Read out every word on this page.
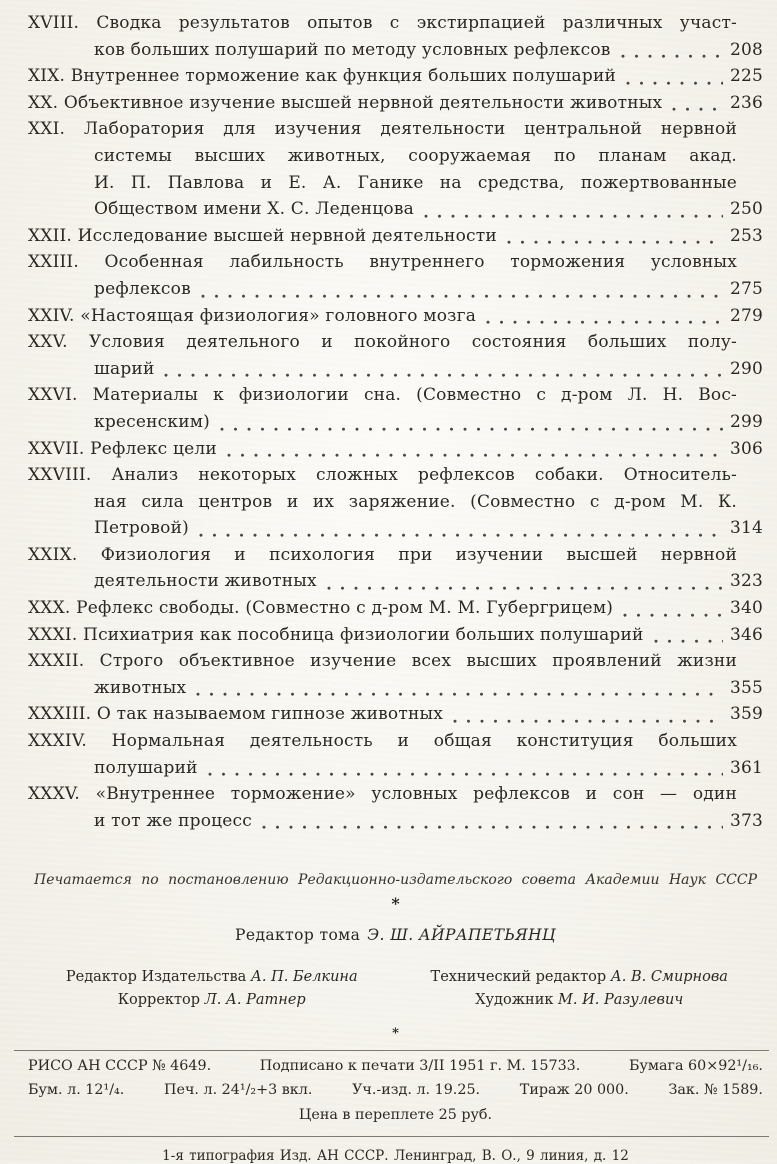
XVIII. Сводка результатов опытов с экстирпацией различных участ-
ков больших полушарий по методу условных рефлексов	208
XIX. Внутреннее торможение как функция больших полушарий	225
XX. Объективное изучение высшей нервной деятельности животных	236
XXI. Лаборатория для изучения деятельности центральной нервной
системы высших животных, сооружаемая по планам акад.
И. П. Павлова и Е. А. Ганике на средства, пожертвованные
Обществом имени Х. С. Леденцова	250
XXII. Исследование высшей нервной деятельности	253
XXIII. Особенная лабильность внутреннего торможения условных
рефлексов	275
XXIV. «Настоящая физиология» головного мозга	279
XXV. Условия деятельного и покойного состояния больших полу-
шарий	290
XXVI. Материалы к физиологии сна. (Совместно с д-ром Л. Н. Вос-
кресенским)	299
XXVII. Рефлекс цели	306
XXVIII. Анализ некоторых сложных рефлексов собаки. Относитель-
ная сила центров и их заряжение. (Совместно с д-ром М. К.
Петровой)	314
XXIX. Физиология и психология при изучении высшей нервной
деятельности животных	323
XXX. Рефлекс свободы. (Совместно с д-ром М. М. Губергрицем)	340
XXXI. Психиатрия как пособница физиологии больших полушарий	346
XXXII. Строго объективное изучение всех высших проявлений жизни
животных	355
XXXIII. О так называемом гипнозе животных	359
XXXIV. Нормальная деятельность и общая конституция больших
полушарий	361
XXXV. «Внутреннее торможение» условных рефлексов и сон — один
и тот же процесс	373
Печатается по постановлению Редакционно-издательского совета Академии Наук СССР
*
Редактор тома Э. Ш. АЙРАПЕТЬЯНЦ
Редактор Издательства А. П. Белкина
Корректор Л. А. Ратнер
Технический редактор А. В. Смирнова
Художник М. И. Разулевич
*
РИСО АН СССР № 4649.	Подписано к печати 3/II 1951 г. М. 15733.	Бумага 60×92¹/₁₆.
Бум. л. 12¹/₄.	Печ. л. 24¹/₂+3 вкл.	Уч.-изд. л. 19.25.	Тираж 20 000.	Зак. № 1589.
Цена в переплете 25 руб.
1-я типография Изд. АН СССР. Ленинград, В. О., 9 линия, д. 12
